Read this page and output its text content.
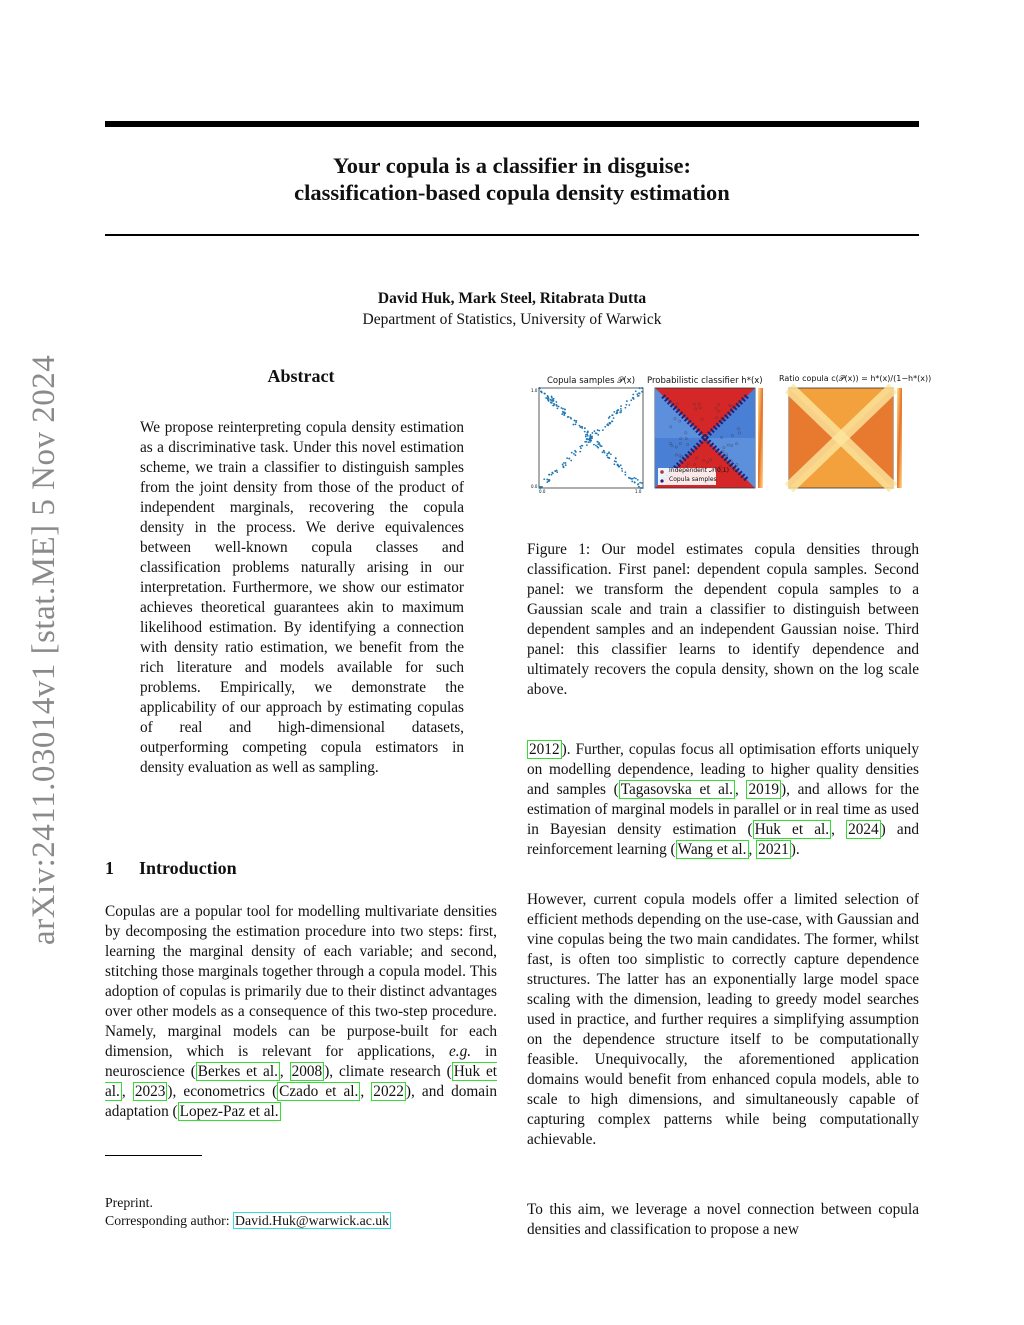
arXiv:2411.03014v1 [stat.ME] 5 Nov 2024
Your copula is a classifier in disguise:
classification-based copula density estimation
David Huk, Mark Steel, Ritabrata Dutta
Department of Statistics, University of Warwick
Abstract
We propose reinterpreting copula density estimation as a discriminative task. Under this novel estimation scheme, we train a classifier to distinguish samples from the joint density from those of the product of independent marginals, recovering the copula density in the process. We derive equivalences between well-known copula classes and classification problems naturally arising in our interpretation. Furthermore, we show our estimator achieves theoretical guarantees akin to maximum likelihood estimation. By identifying a connection with density ratio estimation, we benefit from the rich literature and models available for such problems. Empirically, we demonstrate the applicability of our approach by estimating copulas of real and high-dimensional datasets, outperforming competing copula estimators in density evaluation as well as sampling.
Copula samples 𝒫(x) Probabilistic classifier h*(x) Ratio copula c(𝒫(x)) = h*(x)/(1−h*(x))
1.0
0.0
0.0	1.0
Independent 𝒩(0,1)
Copula samples
Figure 1: Our model estimates copula densities through classification. First panel: dependent copula samples. Second panel: we transform the dependent copula samples to a Gaussian scale and train a classifier to distinguish between dependent samples and an independent Gaussian noise. Third panel: this classifier learns to identify dependence and ultimately recovers the copula density, shown on the log scale above.
1 Introduction
Copulas are a popular tool for modelling multivariate densities by decomposing the estimation procedure into two steps: first, learning the marginal density of each variable; and second, stitching those marginals together through a copula model. This adoption of copulas is primarily due to their distinct advantages over other models as a consequence of this two-step procedure. Namely, marginal models can be purpose-built for each dimension, which is relevant for applications, e.g. in neuroscience ( Berkes et al. , 2008 ), climate research ( Huk et al. , 2023 ), econometrics ( Czado et al. , 2022 ), and domain adaptation ( Lopez-Paz et al.
2012 ). Further, copulas focus all optimisation efforts uniquely on modelling dependence, leading to higher quality densities and samples ( Tagasovska et al. , 2019 ), and allows for the estimation of marginal models in parallel or in real time as used in Bayesian density estimation ( Huk et al. , 2024 ) and reinforcement learning ( Wang et al. , 2021 ).
However, current copula models offer a limited selection of efficient methods depending on the use-case, with Gaussian and vine copulas being the two main candidates. The former, whilst fast, is often too simplistic to correctly capture dependence structures. The latter has an exponentially large model space scaling with the dimension, leading to greedy model searches used in practice, and further requires a simplifying assumption on the dependence structure itself to be computationally feasible. Unequivocally, the aforementioned application domains would benefit from enhanced copula models, able to scale to high dimensions, and simultaneously capable of capturing complex patterns while being computationally achievable.
To this aim, we leverage a novel connection between copula densities and classification to propose a new
Preprint.
Corresponding author: David.Huk@warwick.ac.uk
